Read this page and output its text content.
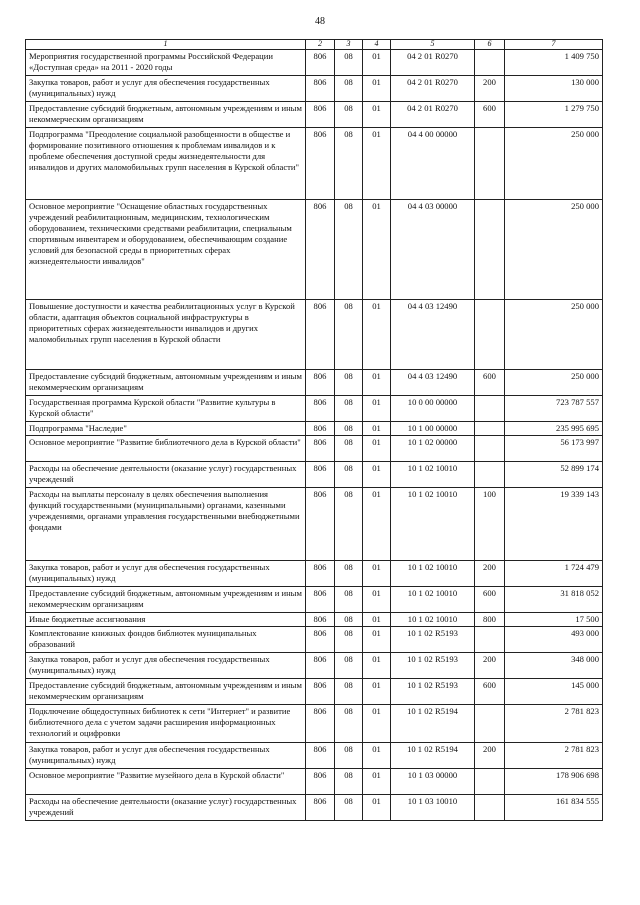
48
1	2	3	4	5	6	7
Мероприятия государственной программы Российской Федерации «Доступная среда» на 2011 - 2020 годы	806	08	01	04 2 01 R0270		1 409 750
Закупка товаров, работ и услуг для обеспечения государственных (муниципальных) нужд	806	08	01	04 2 01 R0270	200	130 000
Предоставление субсидий бюджетным, автономным учреждениям и иным некоммерческим организациям	806	08	01	04 2 01 R0270	600	1 279 750
Подпрограмма "Преодоление социальной разобщенности в обществе и формирование позитивного отношения к проблемам инвалидов и к проблеме обеспечения доступной среды жизнедеятельности для инвалидов и других маломобильных групп населения в Курской области"	806	08	01	04 4 00 00000		250 000
Основное мероприятие "Оснащение областных государственных учреждений реабилитационным, медицинским, технологическим оборудованием, техническими средствами реабилитации, специальным спортивным инвентарем и оборудованием, обеспечивающим создание условий для безопасной среды в приоритетных сферах жизнедеятельности инвалидов"	806	08	01	04 4 03 00000		250 000
Повышение доступности и качества реабилитационных услуг в Курской области, адаптация объектов социальной инфраструктуры в приоритетных сферах жизнедеятельности инвалидов и других маломобильных групп населения в Курской области	806	08	01	04 4 03 12490		250 000
Предоставление субсидий бюджетным, автономным учреждениям и иным некоммерческим организациям	806	08	01	04 4 03 12490	600	250 000
Государственная программа Курской области "Развитие культуры в Курской области"	806	08	01	10 0 00 00000		723 787 557
Подпрограмма "Наследие"	806	08	01	10 1 00 00000		235 995 695
Основное мероприятие "Развитие библиотечного дела в Курской области"	806	08	01	10 1 02 00000		56 173 997
Расходы на обеспечение деятельности (оказание услуг) государственных учреждений	806	08	01	10 1 02 10010		52 899 174
Расходы на выплаты персоналу в целях обеспечения выполнения функций государственными (муниципальными) органами, казенными учреждениями, органами управления государственными внебюджетными фондами	806	08	01	10 1 02 10010	100	19 339 143
Закупка товаров, работ и услуг для обеспечения государственных (муниципальных) нужд	806	08	01	10 1 02 10010	200	1 724 479
Предоставление субсидий бюджетным, автономным учреждениям и иным некоммерческим организациям	806	08	01	10 1 02 10010	600	31 818 052
Иные бюджетные ассигнования	806	08	01	10 1 02 10010	800	17 500
Комплектование книжных фондов библиотек муниципальных образований	806	08	01	10 1 02 R5193		493 000
Закупка товаров, работ и услуг для обеспечения государственных (муниципальных) нужд	806	08	01	10 1 02 R5193	200	348 000
Предоставление субсидий бюджетным, автономным учреждениям и иным некоммерческим организациям	806	08	01	10 1 02 R5193	600	145 000
Подключение общедоступных библиотек к сети "Интернет" и развитие библиотечного дела с учетом задачи расширения информационных технологий и оцифровки	806	08	01	10 1 02 R5194		2 781 823
Закупка товаров, работ и услуг для обеспечения государственных (муниципальных) нужд	806	08	01	10 1 02 R5194	200	2 781 823
Основное мероприятие "Развитие музейного дела в Курской области"	806	08	01	10 1 03 00000		178 906 698
Расходы на обеспечение деятельности (оказание услуг) государственных учреждений	806	08	01	10 1 03 10010		161 834 555
